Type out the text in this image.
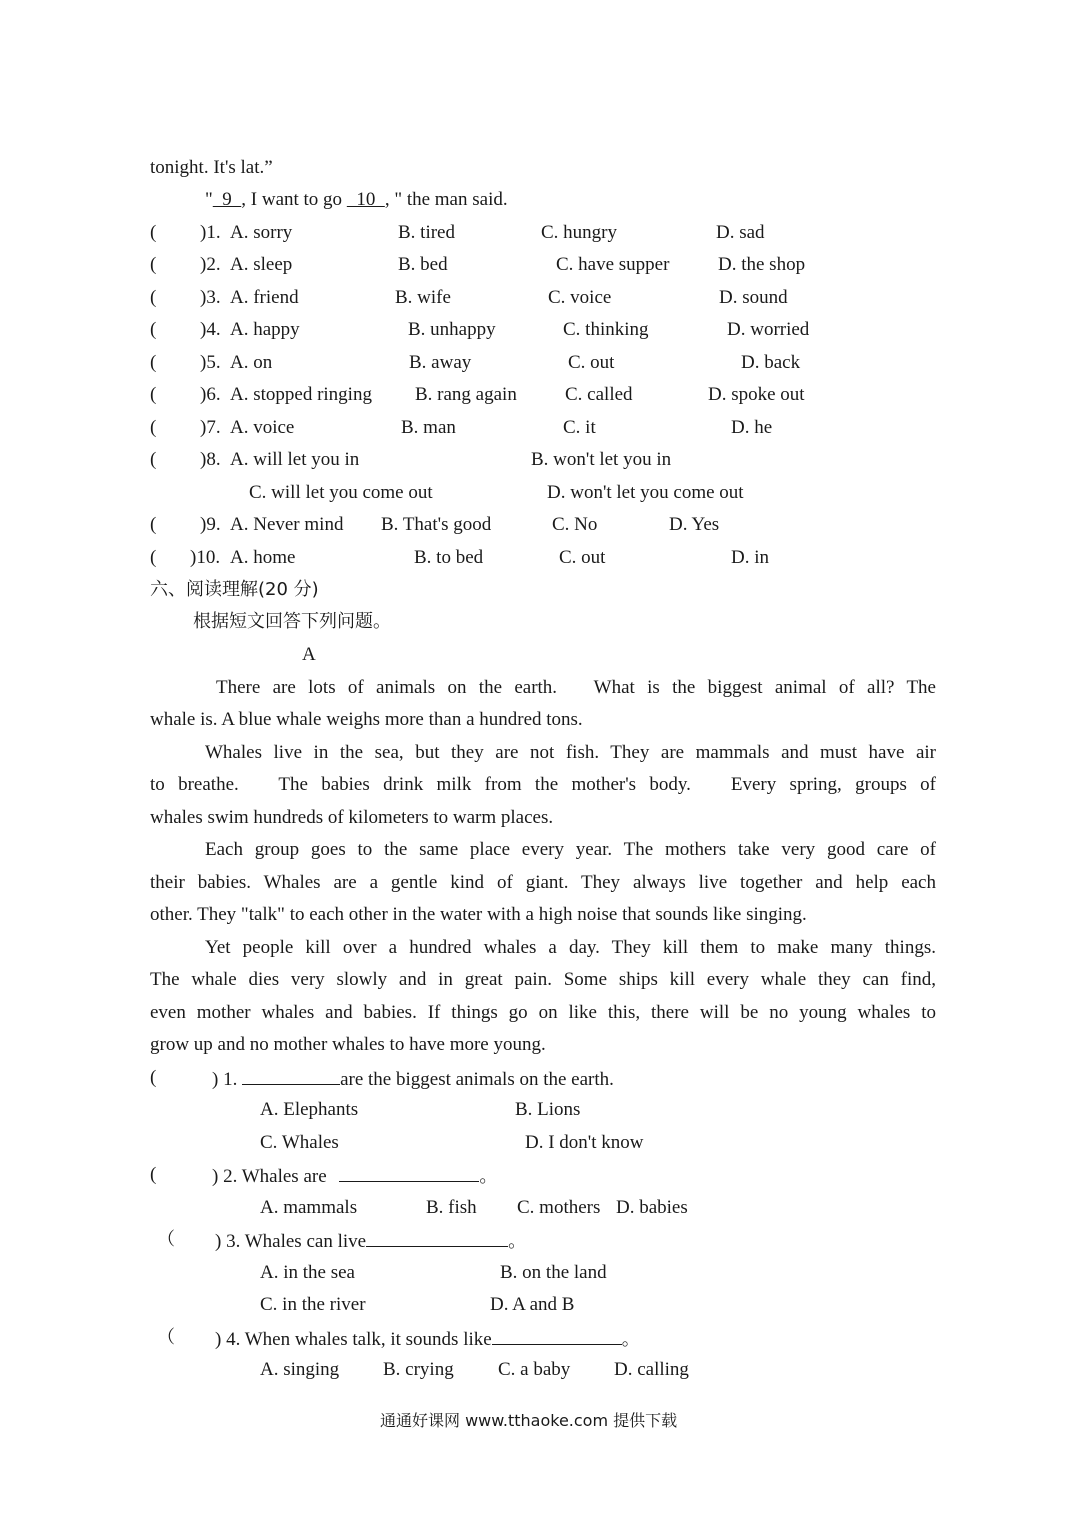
tonight. It's lat.”
"  9  , I want to go   10  , " the man said.
( )1. A. sorry	B. tired	C. hungry	D. sad
( )2. A. sleep	B. bed	C. have supper	D. the shop
( )3. A. friend	B. wife	C. voice	D. sound
( )4. A. happy	B. unhappy	C. thinking	D. worried
( )5. A. on	B. away	C. out	D. back
( )6. A. stopped ringing B. rang again	C. called	D. spoke out
( )7. A. voice	B. man	C. it	D. he
( )8. A. will let you in	B. won't let you in
C. will let you come out	D. won't let you come out
( )9. A. Never mind B. That's good	C. No	D. Yes
( )10. A. home	B. to bed	C. out	D. in
六、阅读理解(20 分)
根据短文回答下列问题。
A
There are lots of animals on the earth.   What is the biggest animal of all? The
whale is. A blue whale weighs more than a hundred tons.
Whales live in the sea, but they are not fish. They are mammals and must have air
to breathe.   The babies drink milk from the mother's body.   Every spring, groups of
whales swim hundreds of kilometers to warm places.
Each group goes to the same place every year. The mothers take very good care of
their babies. Whales are a gentle kind of giant. They always live together and help each
other. They "talk" to each other in the water with a high noise that sounds like singing.
Yet people kill over a hundred whales a day. They kill them to make many things.
The whale dies very slowly and in great pain. Some ships kill every whale they can find,
even mother whales and babies. If things go on like this, there will be no young whales to
grow up and no mother whales to have more young.
(	) 1.	are the biggest animals on the earth.
A. Elephants	B. Lions
C. Whales	D. I don't know
(	) 2. Whales are	。
A. mammals	B. fish C. mothers D. babies
（ ) 3. Whales can live	。
A. in the sea	B. on the land
C. in the river	D. A and B
（ ) 4. When whales talk, it sounds like	。
A. singing B. crying C. a baby D. calling
通通好课网 www.tthaoke.com 提供下载
